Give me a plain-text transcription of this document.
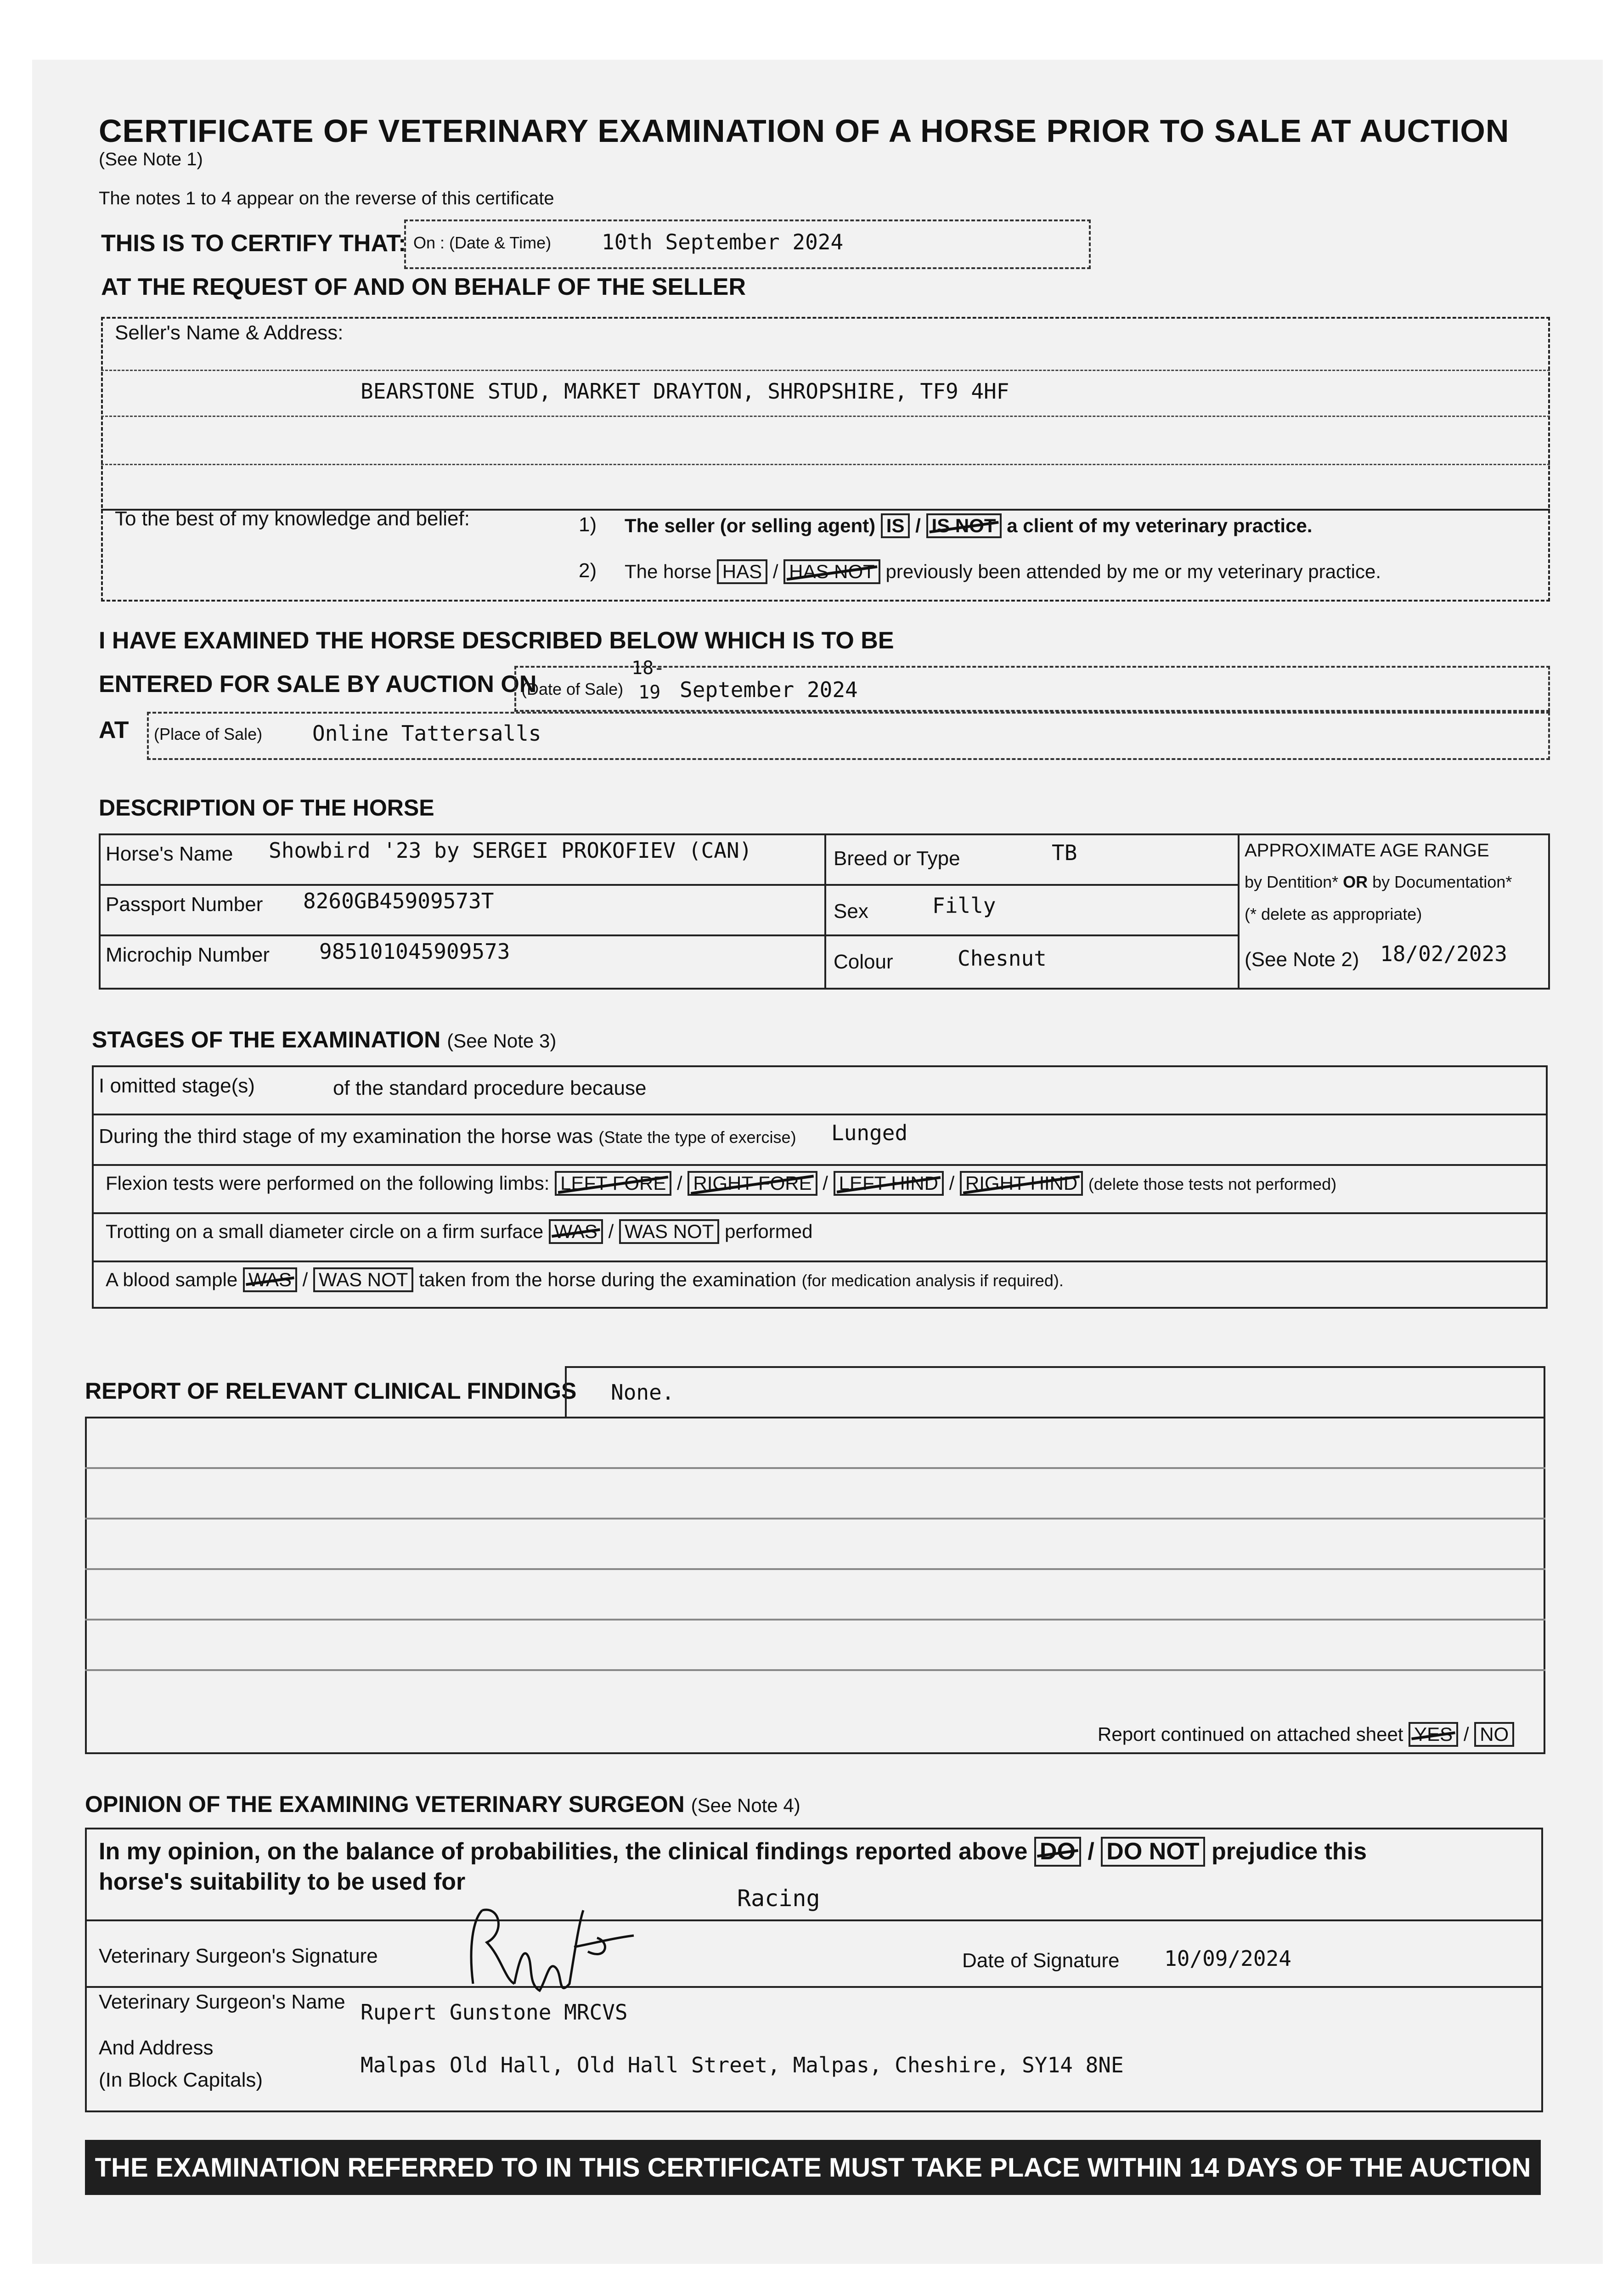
CERTIFICATE OF VETERINARY EXAMINATION OF A HORSE PRIOR TO SALE AT AUCTION
(See Note 1)
The notes 1 to 4 appear on the reverse of this certificate
THIS IS TO CERTIFY THAT: On : (Date & Time) 10th September 2024
AT THE REQUEST OF AND ON BEHALF OF THE SELLER
Seller's Name & Address:
BEARSTONE STUD, MARKET DRAYTON, SHROPSHIRE, TF9 4HF
To the best of my knowledge and belief:	1) The seller (or selling agent) IS / IS NOT a client of my veterinary practice.
2) The horse HAS / HAS NOT previously been attended by me or my veterinary practice.
I HAVE EXAMINED THE HORSE DESCRIBED BELOW WHICH IS TO BE
ENTERED FOR SALE BY AUCTION ON
(Date of Sale)
18-
19 September 2024
AT (Place of Sale) Online Tattersalls
DESCRIPTION OF THE HORSE
Horse's Name Showbird '23 by SERGEI PROKOFIEV (CAN)
Passport Number 8260GB45909573T
Microchip Number 985101045909573
Breed or Type	TB
Sex	Filly
Colour	Chesnut
APPROXIMATE AGE RANGE
by Dentition* OR by Documentation*
(* delete as appropriate)
(See Note 2) 18/02/2023
STAGES OF THE EXAMINATION (See Note 3)
I omitted stage(s)	of the standard procedure because
During the third stage of my examination the horse was (State the type of exercise) Lunged
Flexion tests were performed on the following limbs: LEFT FORE / RIGHT FORE / LEFT HIND / RIGHT HIND (delete those tests not performed)
Trotting on a small diameter circle on a firm surface WAS / WAS NOT performed
A blood sample WAS / WAS NOT taken from the horse during the examination (for medication analysis if required).
REPORT OF RELEVANT CLINICAL FINDINGS None.
Report continued on attached sheet YES / NO
OPINION OF THE EXAMINING VETERINARY SURGEON (See Note 4)
In my opinion, on the balance of probabilities, the clinical findings reported above DO / DO NOT prejudice this
horse's suitability to be used for
Racing
Veterinary Surgeon's Signature	Date of Signature 10/09/2024
Veterinary Surgeon's Name Rupert Gunstone MRCVS
And Address
(In Block Capitals)
Malpas Old Hall, Old Hall Street, Malpas, Cheshire, SY14 8NE
THE EXAMINATION REFERRED TO IN THIS CERTIFICATE MUST TAKE PLACE WITHIN 14 DAYS OF THE AUCTION
